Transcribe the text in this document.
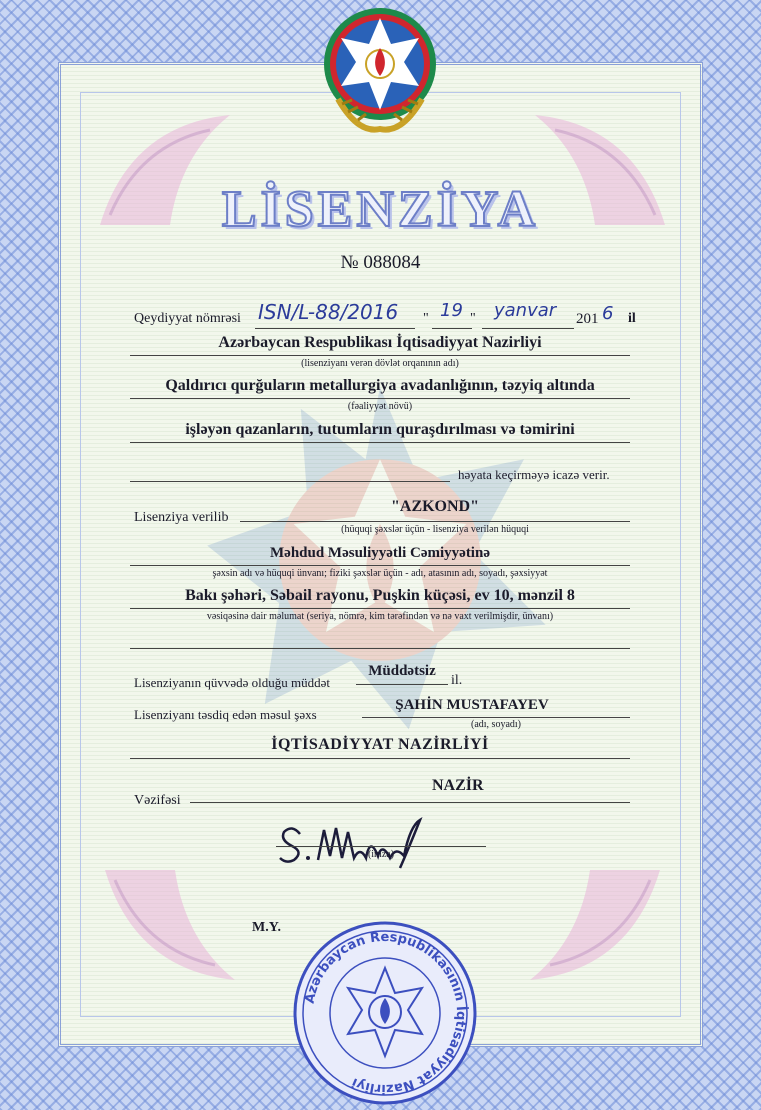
LİSENZİYA
№ 088084
Qeydiyyat nömrəsi ISN/L-88/2016 " 19 " yanvar 201 6 il
Azərbaycan Respublikası İqtisadiyyat Nazirliyi
(lisenziyanı verən dövlət orqanının adı)
Qaldırıcı qurğuların metallurgiya avadanlığının, təzyiq altında
(fəaliyyət növü)
işləyən qazanların, tutumların quraşdırılması və təmirini
həyata keçirməyə icazə verir.
Lisenziya verilib
"AZKOND"
(hüquqi şəxslər üçün - lisenziya verilən hüquqi
Məhdud Məsuliyyətli Cəmiyyətinə
şəxsin adı və hüquqi ünvanı; fiziki şəxslər üçün - adı, atasının adı, soyadı, şəxsiyyət
Bakı şəhəri, Səbail rayonu, Puşkin küçəsi, ev 10, mənzil 8
vəsiqəsinə dair məlumat (seriya, nömrə, kim tərəfindən və nə vaxt verilmişdir, ünvanı)
Lisenziyanın qüvvədə olduğu müddət
Müddətsiz
il.
Lisenziyanı təsdiq edən məsul şəxs
ŞAHİN MUSTAFAYEV
(adı, soyadı)
İQTİSADİYYAT NAZİRLİYİ
Vəzifəsi
NAZİR
(imza)
M.Y.
Azərbaycan Respublikasının İqtisadiyyat Nazirliyi
